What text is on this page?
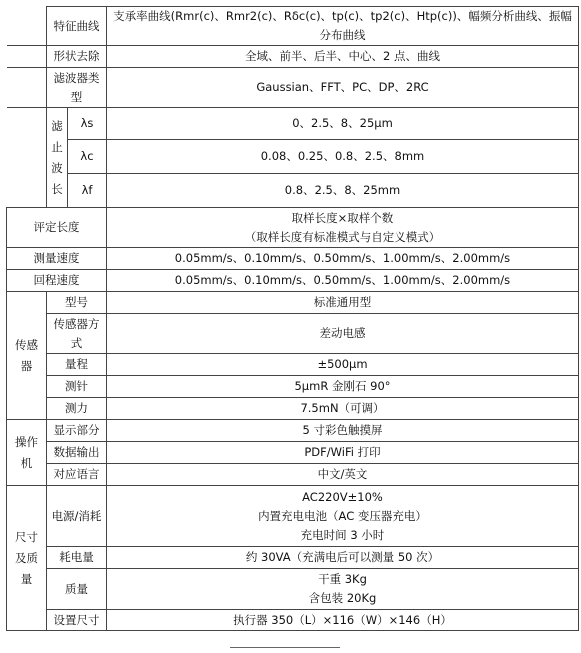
	特征曲线		支承率曲线(Rmr(c)、Rmr2(c)、Rδc(c)、tp(c)、tp2(c)、Htp(c))、幅频分析曲线、振幅分布曲线
	形状去除		全域、前半、后半、中心、2 点、曲线
	滤波器类型		Gaussian、FFT、PC、DP、2RC

	滤
止
波
长	λs	0、2.5、8、25μm
		λc	0.08、0.25、0.8、2.5、8mm
		λf	0.8、2.5、8、25mm
评定长度			取样长度×取样个数
（取样长度有标准模式与自定义模式）

测量速度			0.05mm/s、0.10mm/s、0.50mm/s、1.00mm/s、2.00mm/s
回程速度			0.05mm/s、0.10mm/s、0.50mm/s、1.00mm/s、2.00mm/s

传感
器	型号		标准通用型
	传感器方式		差动电感
	量程		±500μm
	测针		5μmR 金刚石 90°
	测力		7.5mN（可调）

操作
机	显示部分		5 寸彩色触摸屏
	数据输出		PDF/WiFi 打印
	对应语言		中文/英文

尺寸
及质
量	电源/消耗		AC220V±10%
内置充电电池（AC 变压器充电）
充电时间 3 小时

	耗电量		约 30VA（充满电后可以测量 50 次）
	质量		干重 3Kg
含包装 20Kg

	设置尺寸		执行器 350（L）×116（W）×146（H）
